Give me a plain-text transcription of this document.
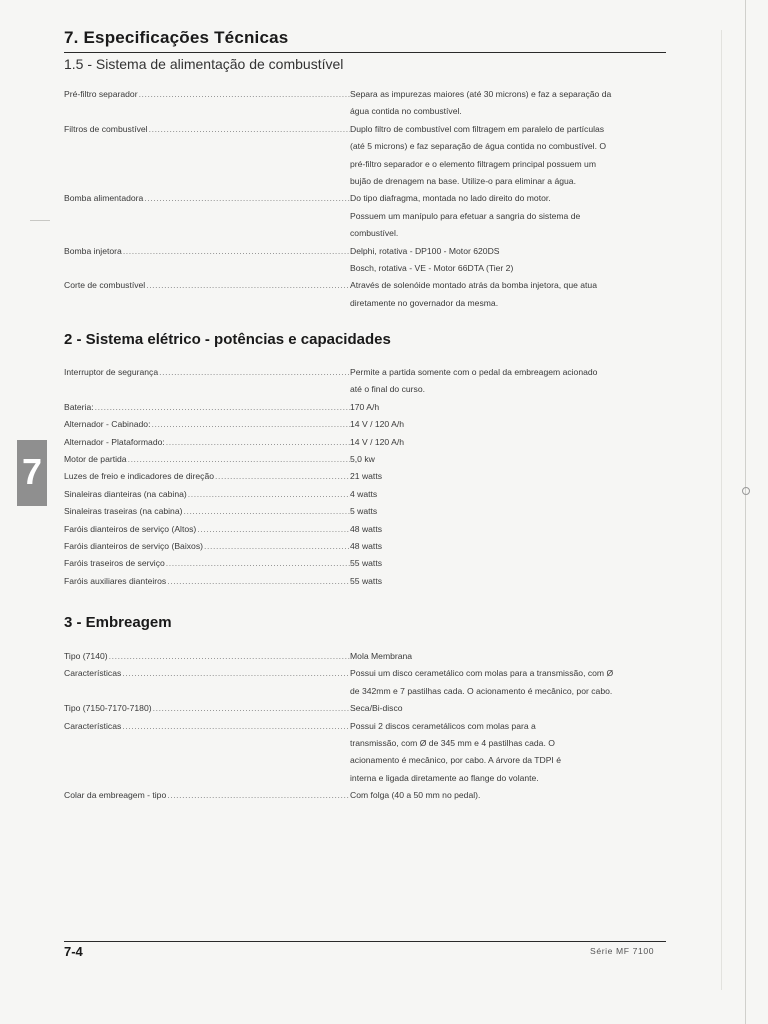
7. Especificações Técnicas
1.5 - Sistema de alimentação de combustível
Pré-filtro separador .....	Separa as impurezas maiores (até 30 microns) e faz a separação da
água contida no combustível.
Filtros de combustível .....	Duplo filtro de combustível com filtragem em paralelo de partículas
(até 5 microns) e faz separação de água contida no combustível. O
pré-filtro separador e o elemento filtragem principal possuem um
bujão de drenagem na base. Utilize-o para eliminar a água.
Bomba alimentadora .....	Do tipo diafragma, montada no lado direito do motor.
Possuem um manípulo para efetuar a sangria do sistema de
combustível.
Bomba injetora .....	Delphi, rotativa - DP100 - Motor 620DS
Bosch, rotativa - VE - Motor 66DTA (Tier 2)
Corte de combustível .....	Através de solenóide montado atrás da bomba injetora, que atua
diretamente no governador da mesma.
2 - Sistema elétrico - potências e capacidades
Interruptor de segurança .....	Permite a partida somente com o pedal da embreagem acionado
até o final do curso.
Bateria: .....	170 A/h
Alternador - Cabinado: .....	14 V / 120 A/h
Alternador - Plataformado: .....	14 V / 120 A/h
Motor de partida .....	5,0 kw
Luzes de freio e indicadores de direção .....	21 watts
Sinaleiras dianteiras (na cabina) .....	4 watts
Sinaleiras traseiras (na cabina) .....	5 watts
Faróis dianteiros de serviço (Altos) .....	48 watts
Faróis dianteiros de serviço (Baixos) .....	48 watts
Faróis traseiros de serviço .....	55 watts
Faróis auxiliares dianteiros .....	55 watts
3 - Embreagem
Tipo (7140) .....	Mola Membrana
Características .....	Possui um disco cerametálico com molas para a transmissão, com Ø
de 342mm e 7 pastilhas cada. O acionamento é mecânico, por cabo.
Tipo (7150-7170-7180) .....	Seca/Bi-disco
Características .....	Possui 2 discos cerametálicos com molas para a
transmissão, com Ø de 345 mm e 4 pastilhas cada. O
acionamento é mecânico, por cabo. A árvore da TDPI é
interna e ligada diretamente ao flange do volante.
Colar da embreagem - tipo .....	Com folga (40 a 50 mm no pedal).
7
7-4	Série MF 7100
